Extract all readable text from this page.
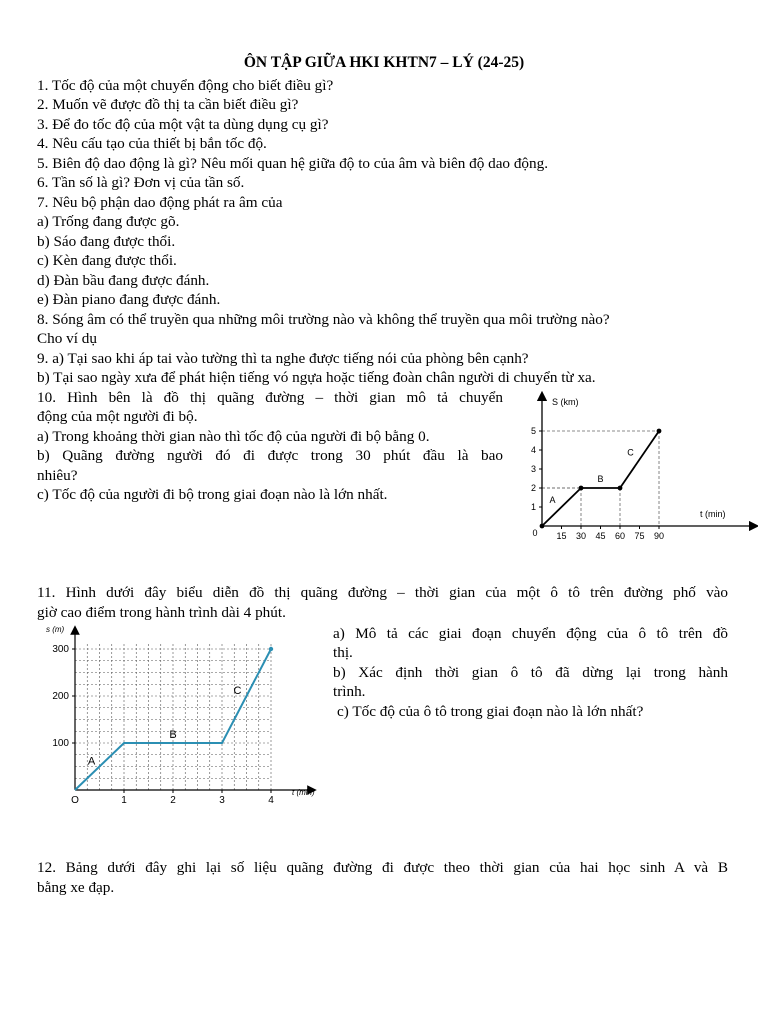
ÔN TẬP GIỮA HKI KHTN7 – LÝ (24-25)
1. Tốc độ của một chuyển động cho biết điều gì?
2. Muốn vẽ được đồ thị ta cần biết điều gì?
3. Để đo tốc độ của một vật ta dùng dụng cụ gì?
4. Nêu cấu tạo của thiết bị bắn tốc độ.
5. Biên độ dao động là gì? Nêu mối quan hệ giữa độ to của âm và biên độ dao động.
6. Tần số là gì? Đơn vị của tần số.
7. Nêu bộ phận dao động phát ra âm của
a) Trống đang được gõ.
b) Sáo đang được thổi.
c) Kèn đang được thổi.
d) Đàn bầu đang được đánh.
e) Đàn piano đang được đánh.
8. Sóng âm có thể truyền qua những môi trường nào và không thể truyền qua môi trường nào?
Cho ví dụ
9. a) Tại sao khi áp tai vào tường thì ta nghe được tiếng nói của phòng bên cạnh?
b) Tại sao ngày xưa để phát hiện tiếng vó ngựa hoặc tiếng đoàn chân người di chuyển từ xa.
10. Hình bên là đồ thị quãng đường – thời gian mô tả chuyển
động của một người đi bộ.
a) Trong khoảng thời gian nào thì tốc độ của người đi bộ bằng 0.
b) Quãng đường người đó đi được trong 30 phút đầu là bao
nhiêu?
c) Tốc độ của người đi bộ trong giai đoạn nào là lớn nhất.
S (km)
t (min)
0
1
2
3
4
5
15 30 45 60 75 90
A
B
C
11. Hình dưới đây biểu diễn đồ thị quãng đường – thời gian của một ô tô trên đường phố vào
giờ cao điểm trong hành trình dài 4 phút.
a) Mô tả các giai đoạn chuyển động của ô tô trên đồ
thị.
b) Xác định thời gian ô tô đã dừng lại trong hành
trình.
c) Tốc độ của ô tô trong giai đoạn nào là lớn nhất?
s (m)
t (min)
O
100
200
300
1	2	3	4
A
B
C
12. Bảng dưới đây ghi lại số liệu quãng đường đi được theo thời gian của hai học sinh A và B
bằng xe đạp.
